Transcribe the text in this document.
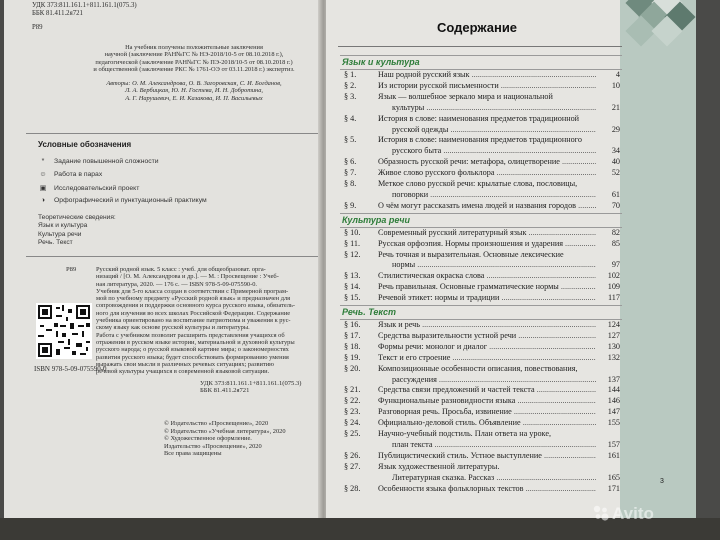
УДК 373:811.161.1+811.161.1(075.3)

ББК 81.411.2я721

Р89

На учебник получены положительные заключения

научной (заключение РАН№ГС № НЭ-2018/10-5 от 08.10.2018 г.),

педагогической (заключение РАН№ГС № ПЭ-2018/10-5 от 08.10.2018 г.)

и общественной (заключение РКС № 1761-ОЭ от 03.11.2018 г.) экспертиз.

Авторы: О. М. Александрова, О. В. Загоровская, С. И. Богданов,

Л. А. Вербицкая, Ю. Н. Гостева, И. Н. Добротина,

А. Г. Нарушевич, Е. И. Казакова, И. П. Васильевых

Условные обозначения
*	Задание повышенной сложности
☺ Работа в парах
▣ Исследовательский проект
◑	Орфографический и пунктуационный практикум
Теоретические сведения:
Язык и культура
Культура речи
Речь. Текст
Р89	Русский родной язык. 5 класс : учеб. для общеобразоват. орга-

низаций / [О. М. Александрова и др.]. — М. : Просвещение : Учеб-

ная литература, 2020. — 176 с. — ISBN 978-5-09-075590-0.

Учебник для 5-го класса создан в соответствии с Примерной програм-

мой по учебному предмету «Русский родной язык» и предназначен для

сопровождения и поддержки основного курса русского языка, обязатель-

ного для изучения во всех школах Российской Федерации. Содержание

учебника ориентировано на воспитание патриотизма и уважения к рус-

скому языку как основе русской культуры и литературы.

Работа с учебником позволит расширить представления учащихся об

отражении в русском языке истории, материальной и духовной культуры

русского народа; о русской языковой картине мира; о закономерностях

развития русского языка; будет способствовать формированию умения

выражать свои мысли в различных речевых ситуациях; развитию

речевой культуры учащихся в современной языковой ситуации.

ISBN 978-5-09-075590-0

УДК 373:811.161.1+811.161.1(075.3)

ББК 81.411.2я721

© Издательство «Просвещение», 2020

© Издательство «Учебная литература», 2020

© Художественное оформление.

Издательство «Просвещение», 2020

Все права защищены

Содержание
Язык и культура
§ 1.	Наш родной русский язык .....	4
§ 2.	Из истории русской письменности .....	10
§ 3.	Язык — волшебное зеркало мира и национальной
культуры .....	21
§ 4.	История в слове: наименования предметов традиционной
русской одежды .....	29
§ 5.	История в слове: наименования предметов традиционного
русского быта .....	34
§ 6.	Образность русской речи: метафора, олицетворение .....	40
§ 7.	Живое слово русского фольклора .....	52
§ 8.	Меткое слово русской речи: крылатые слова, пословицы,
поговорки .....	61
§ 9.	О чём могут рассказать имена людей и названия городов .....	70
Культура речи
§ 10.	Современный русский литературный язык .....	82
§ 11.	Русская орфоэпия. Нормы произношения и ударения .....	85
§ 12.	Речь точная и выразительная. Основные лексические
нормы .....	97
§ 13.	Стилистическая окраска слова .....	102
§ 14.	Речь правильная. Основные грамматические нормы .....	109
§ 15.	Речевой этикет: нормы и традиции .....	117
Речь. Текст
§ 16.	Язык и речь .....	124
§ 17.	Средства выразительности устной речи .....	127
§ 18.	Формы речи: монолог и диалог .....	130
§ 19.	Текст и его строение .....	132
§ 20.	Композиционные особенности описания, повествования,
рассуждения .....	137
§ 21.	Средства связи предложений и частей текста .....	144
§ 22.	Функциональные разновидности языка .....	146
§ 23.	Разговорная речь. Просьба, извинение .....	147
§ 24.	Официально-деловой стиль. Объявление .....	155
§ 25.	Научно-учебный подстиль. План ответа на уроке,
план текста .....	157
§ 26.	Публицистический стиль. Устное выступление .....	161
§ 27.	Язык художественной литературы.
Литературная сказка. Рассказ .....	165
§ 28.	Особенности языка фольклорных текстов .....	171
3
Avito
